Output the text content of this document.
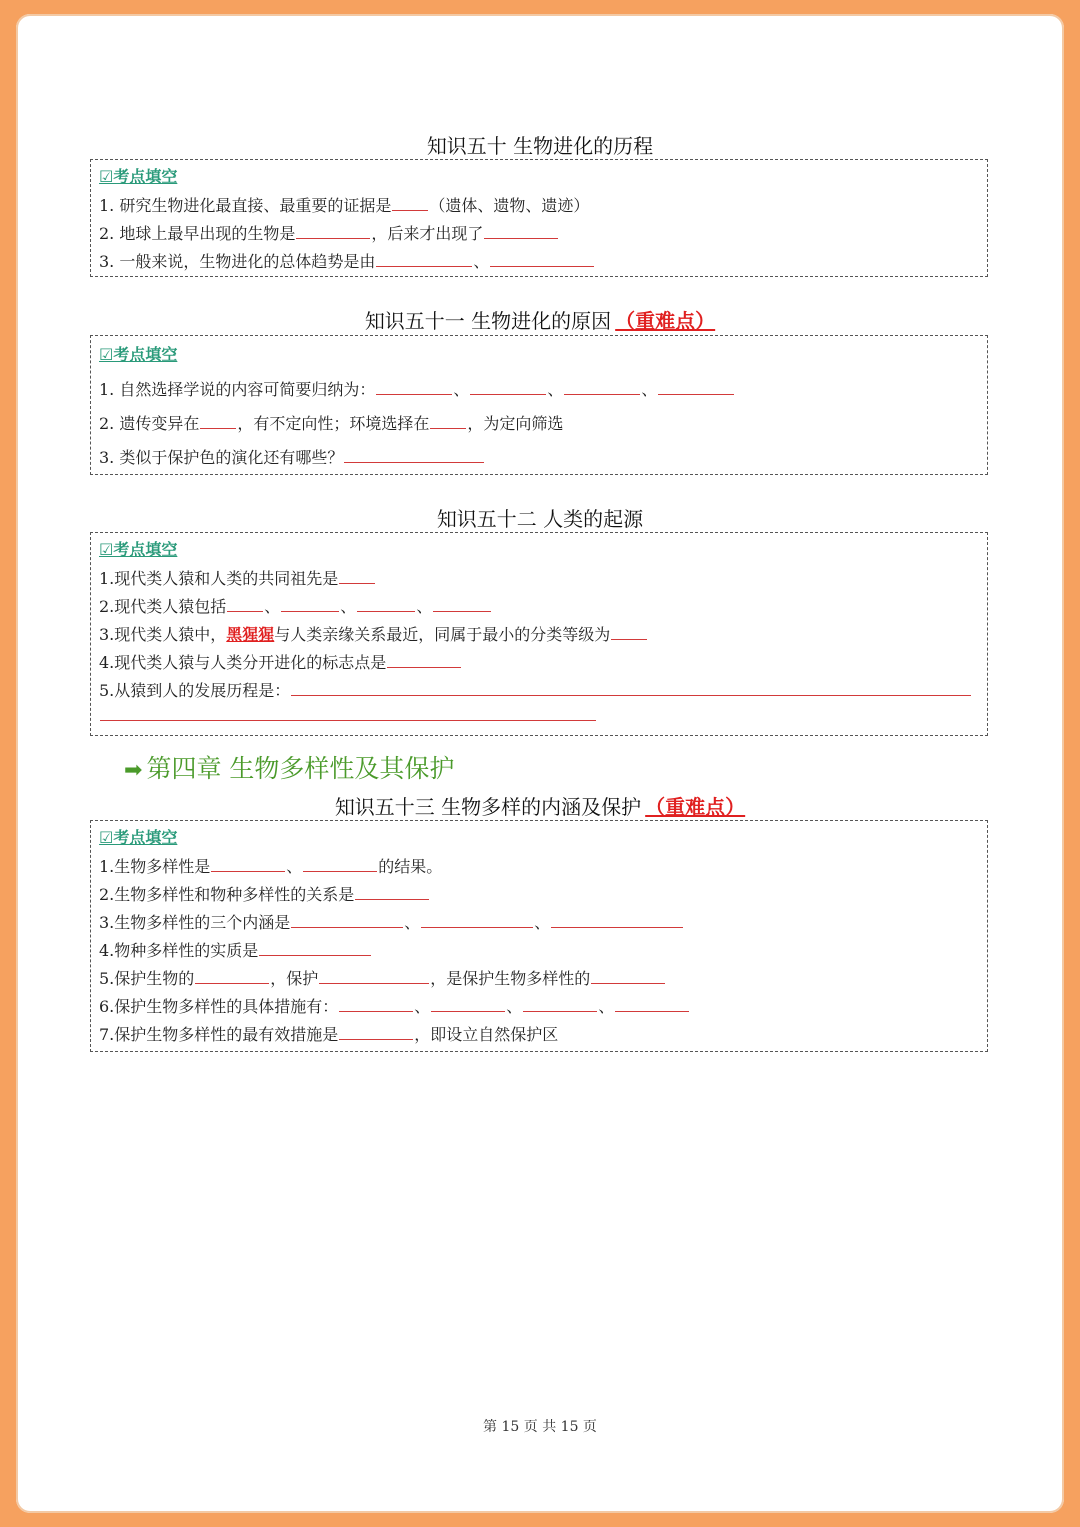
知识五十 生物进化的历程
☑考点填空
1. 研究生物进化最直接、最重要的证据是 （遗体、遗物、遗迹）
2. 地球上最早出现的生物是	，后来才出现了
3. 一般来说，生物进化的总体趋势是由	、
知识五十一 生物进化的原因 （重难点）
☑考点填空
1. 自然选择学说的内容可简要归纳为：	、	、	、
2. 遗传变异在 ，有不定向性；环境选择在 ，为定向筛选
3. 类似于保护色的演化还有哪些？
知识五十二 人类的起源
☑考点填空
1.现代类人猿和人类的共同祖先是
2.现代类人猿包括 、	、	、
3.现代类人猿中，黑猩猩与人类亲缘关系最近，同属于最小的分类等级为
4.现代类人猿与人类分开进化的标志点是
5.从猿到人的发展历程是：
➡ 第四章 生物多样性及其保护
知识五十三 生物多样的内涵及保护 （重难点）
☑考点填空
1.生物多样性是	、	的结果。
2.生物多样性和物种多样性的关系是
3.生物多样性的三个内涵是	、	、
4.物种多样性的实质是
5.保护生物的	，保护	，是保护生物多样性的
6.保护生物多样性的具体措施有：	、	、	、
7.保护生物多样性的最有效措施是	，即设立自然保护区
第 15 页 共 15 页
